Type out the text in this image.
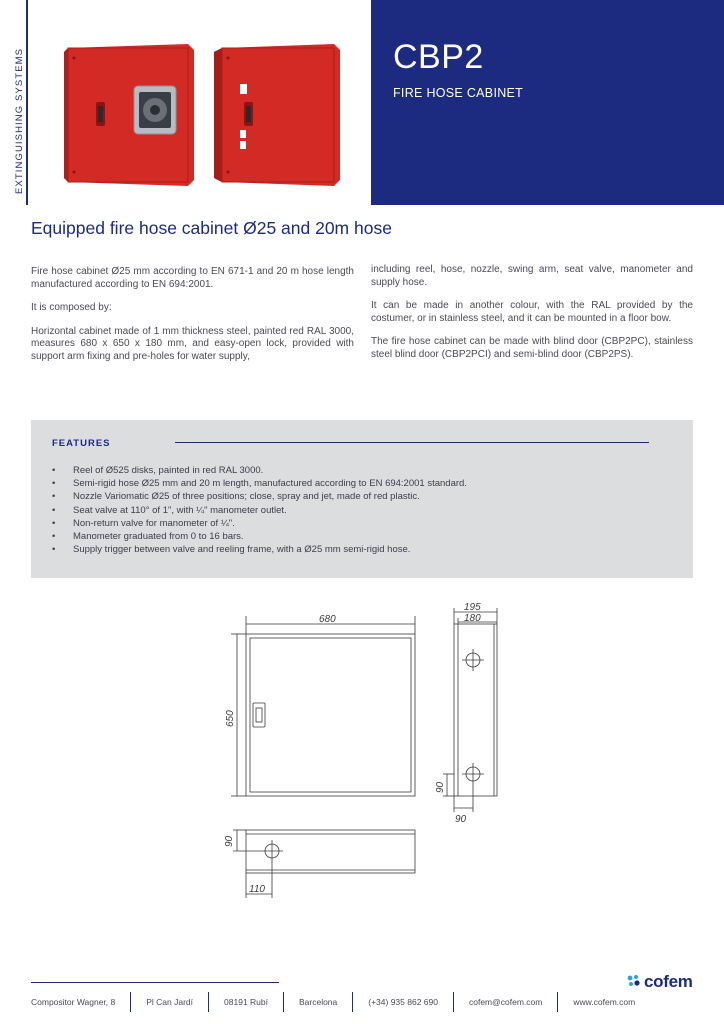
EXTINGUISHING SYSTEMS	CBP2
FIRE HOSE CABINET
Equipped fire hose cabinet Ø25 and 20m hose

Fire hose cabinet Ø25 mm according to EN 671-1 and 20 m hose length manufactured according to EN 694:2001.

It is composed by:

Horizontal cabinet made of 1 mm thickness steel, painted red RAL 3000, measures 680 x 650 x 180 mm, and easy-open lock, provided with support arm fixing and pre-holes for water supply,

including reel, hose, nozzle, swing arm, seat valve, manometer and supply hose.

It can be made in another colour, with the RAL provided by the costumer, or in stainless steel, and it can be mounted in a floor bow.

The fire hose cabinet can be made with blind door (CBP2PC), stainless steel blind door (CBP2PCI) and semi-blind door (CBP2PS).

FEATURES
• Reel of Ø525 disks, painted in red RAL 3000.
• Semi-rigid hose Ø25 mm and 20 m length, manufactured according to EN 694:2001 standard.
• Nozzle Variomatic Ø25 of three positions; close, spray and jet, made of red plastic.
• Seat valve at 110° of 1", with ¼" manometer outlet.
• Non-return valve for manometer of ¼".
• Manometer graduated from 0 to 16 bars.
• Supply trigger between valve and reeling frame, with a Ø25 mm semi-rigid hose.
680
650
195
180
90
90
90
110
Compositor Wagner, 8	Pl Can Jardí	08191 Rubí	Barcelona	(+34) 935 862 690	cofem@cofem.com	www.cofem.com
cofem
